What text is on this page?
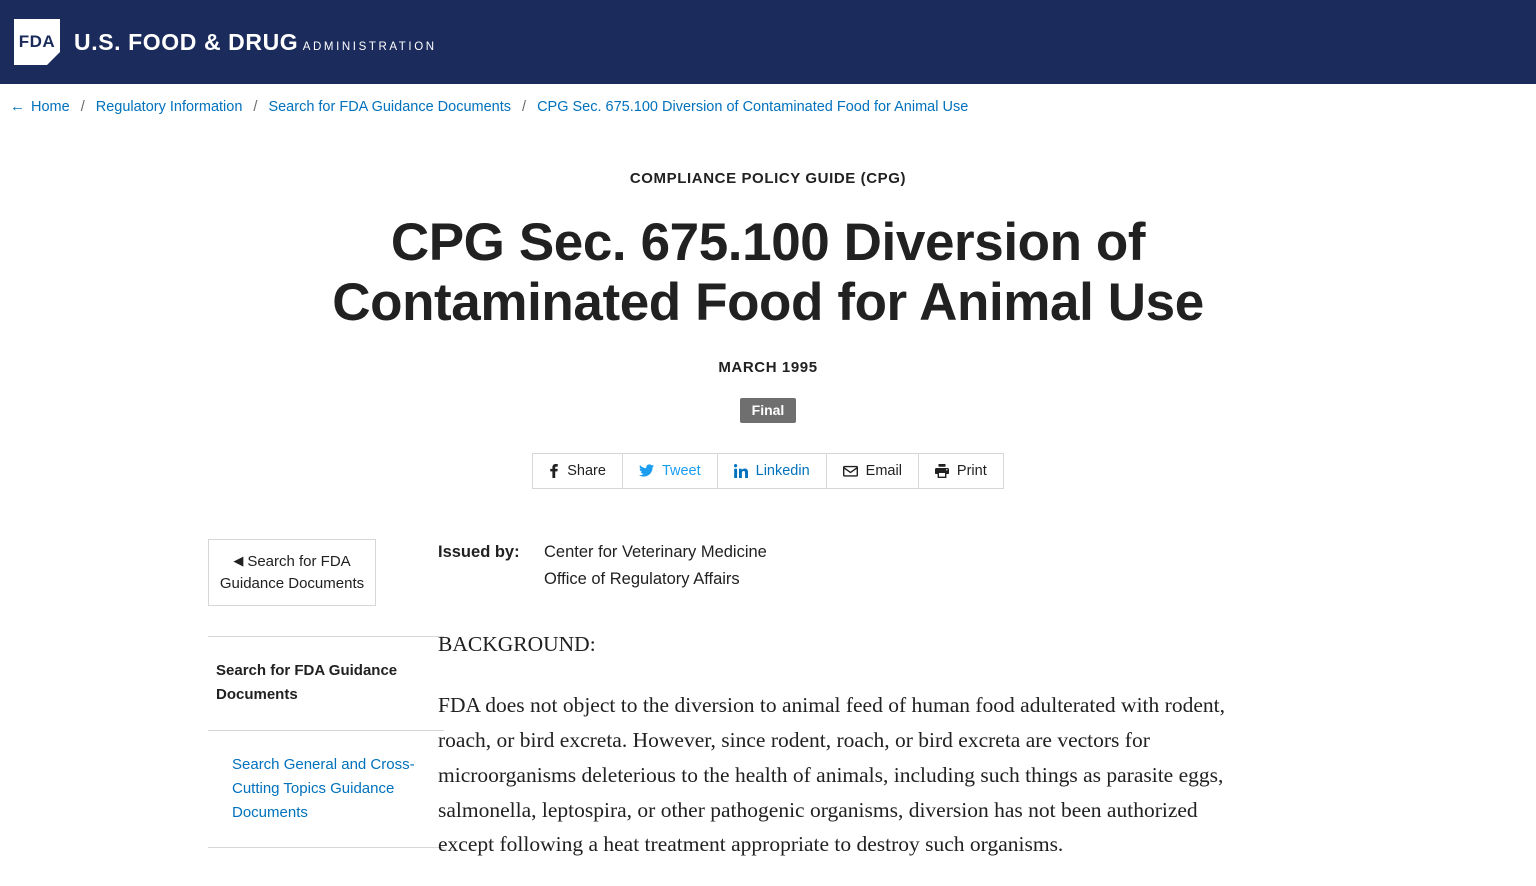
FDA U.S. FOOD & DRUG ADMINISTRATION
← Home / Regulatory Information / Search for FDA Guidance Documents / CPG Sec. 675.100 Diversion of Contaminated Food for Animal Use
COMPLIANCE POLICY GUIDE (CPG)
CPG Sec. 675.100 Diversion of Contaminated Food for Animal Use
MARCH 1995
Final
Share	Tweet	Linkedin	Email	Print
◀ Search for FDA Guidance Documents
Search for FDA Guidance Documents
Search General and Cross-Cutting Topics Guidance Documents
Issued by:	Center for Veterinary Medicine
Office of Regulatory Affairs
BACKGROUND:

FDA does not object to the diversion to animal feed of human food adulterated with rodent, roach, or bird excreta. However, since rodent, roach, or bird excreta are vectors for microorganisms deleterious to the health of animals, including such things as parasite eggs, salmonella, leptospira, or other pathogenic organisms, diversion has not been authorized except following a heat treatment appropriate to destroy such organisms.
